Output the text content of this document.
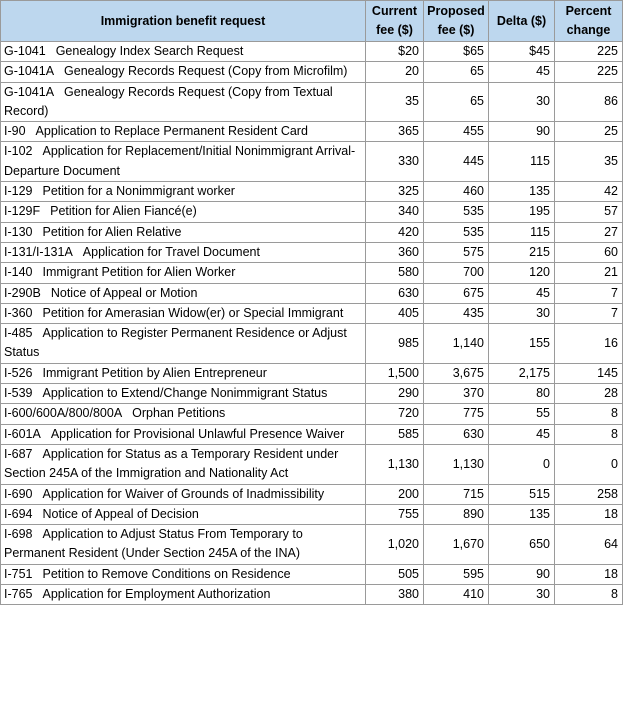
Immigration benefit request	Current fee ($)	Proposed fee ($)	Delta ($)	Percent change
G-1041 Genealogy Index Search Request	$20	$65	$45	225
G-1041A Genealogy Records Request (Copy from Microfilm)	20	65	45	225
G-1041A Genealogy Records Request (Copy from Textual Record)	35	65	30	86
I-90 Application to Replace Permanent Resident Card	365	455	90	25
I-102 Application for Replacement/Initial Nonimmigrant Arrival-Departure Document	330	445	115	35
I-129 Petition for a Nonimmigrant worker	325	460	135	42
I-129F Petition for Alien Fiancé(e)	340	535	195	57
I-130 Petition for Alien Relative	420	535	115	27
I-131/I-131A Application for Travel Document	360	575	215	60
I-140 Immigrant Petition for Alien Worker	580	700	120	21
I-290B Notice of Appeal or Motion	630	675	45	7
I-360 Petition for Amerasian Widow(er) or Special Immigrant	405	435	30	7
I-485 Application to Register Permanent Residence or Adjust Status	985	1,140	155	16
I-526 Immigrant Petition by Alien Entrepreneur	1,500	3,675	2,175	145
I-539 Application to Extend/Change Nonimmigrant Status	290	370	80	28
I-600/600A/800/800A Orphan Petitions	720	775	55	8
I-601A Application for Provisional Unlawful Presence Waiver	585	630	45	8
I-687 Application for Status as a Temporary Resident under Section 245A of the Immigration and Nationality Act	1,130	1,130	0	0
I-690 Application for Waiver of Grounds of Inadmissibility	200	715	515	258
I-694 Notice of Appeal of Decision	755	890	135	18
I-698 Application to Adjust Status From Temporary to Permanent Resident (Under Section 245A of the INA)	1,020	1,670	650	64
I-751 Petition to Remove Conditions on Residence	505	595	90	18
I-765 Application for Employment Authorization	380	410	30	8
